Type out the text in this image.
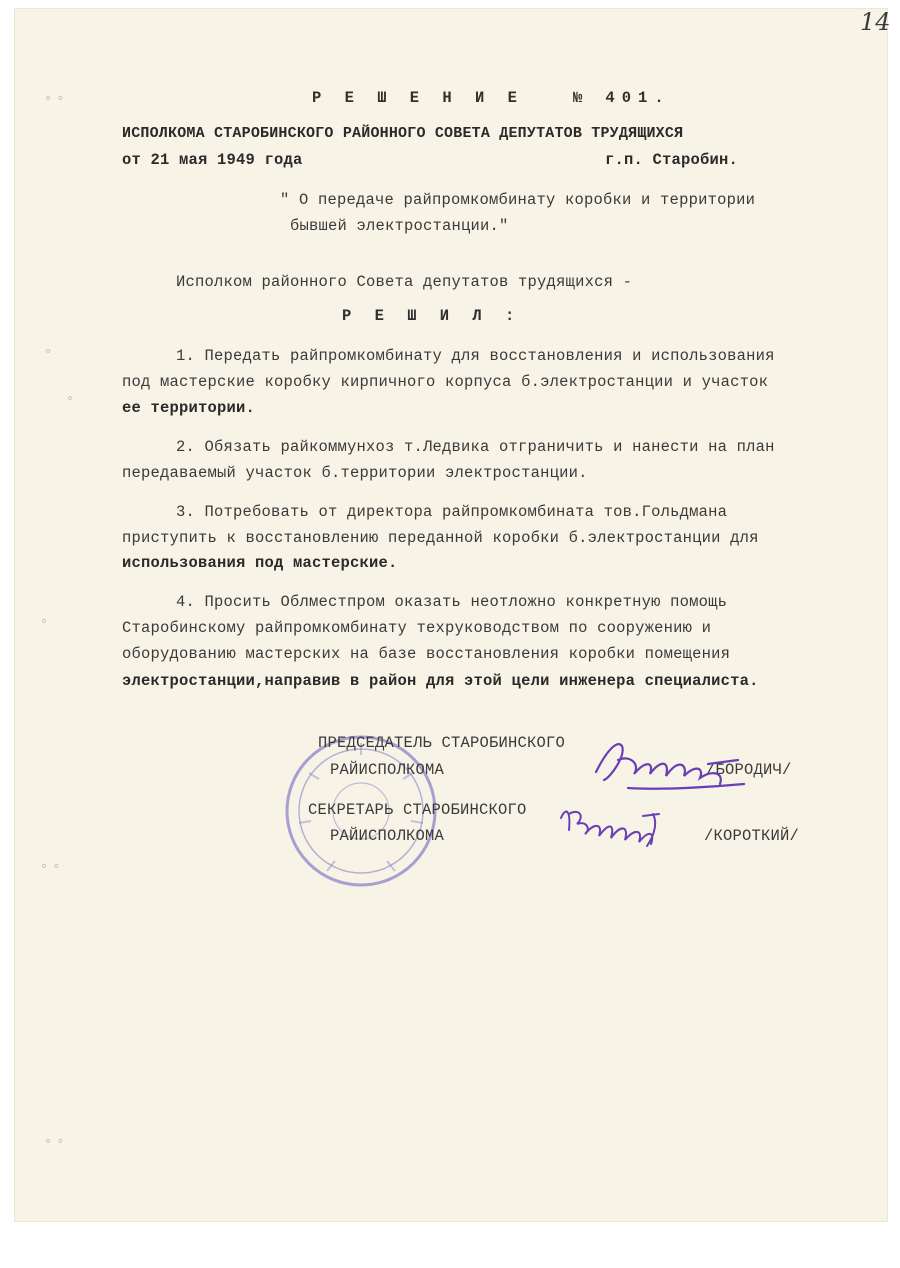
∘ ∘
∘
∘
∘
∘ ∘
∘ ∘
14
Р Е Ш Е Н И Е   № 401.
ИСПОЛКОМА СТАРОБИНСКОГО РАЙОННОГО СОВЕТА ДЕПУТАТОВ ТРУДЯЩИХСЯ
от 21 мая 1949 года	г.п. Старобин.
" О передаче райпромкомбинату коробки и территории
бывшей электростанции."
Исполком районного Совета депутатов трудящихся -
Р Е Ш И Л :
1. Передать райпромкомбинату для восстановления и использования
под мастерские коробку кирпичного корпуса б.электростанции и участок
ее территории.
2. Обязать райкоммунхоз т.Ледвика отграничить и нанести на план
передаваемый участок б.территории электростанции.
3. Потребовать от директора райпромкомбината тов.Гольдмана
приступить к восстановлению переданной коробки б.электростанции для
использования под мастерские.
4. Просить Облместпром оказать неотложно конкретную помощь
Старобинскому райпромкомбинату техруководством по сооружению и
оборудованию мастерских на базе восстановления коробки помещения
электростанции,направив в район для этой цели инженера специалиста.
ПРЕДСЕДАТЕЛЬ СТАРОБИНСКОГО
РАЙИСПОЛКОМА	/БОРОДИЧ/
СЕКРЕТАРЬ СТАРОБИНСКОГО
РАЙИСПОЛКОМА	/КОРОТКИЙ/
